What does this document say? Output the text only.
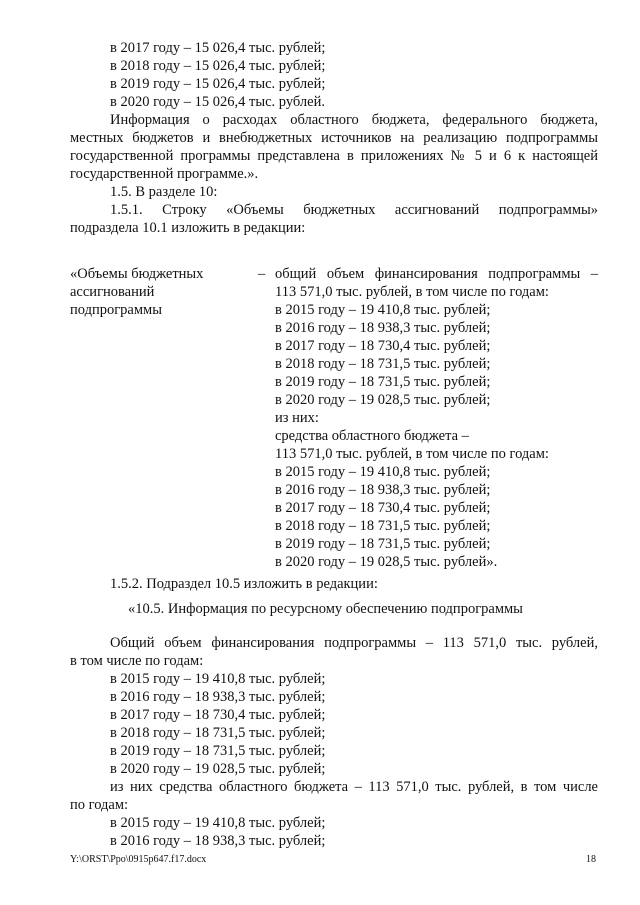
в 2017 году – 15 026,4 тыс. рублей;
в 2018 году – 15 026,4 тыс. рублей;
в 2019 году – 15 026,4 тыс. рублей;
в 2020 году – 15 026,4 тыс. рублей.
Информация о расходах областного бюджета, федерального бюджета,
местных бюджетов и внебюджетных источников на реализацию подпрограммы
государственной программы представлена в приложениях № 5 и 6 к настоящей
государственной программе.».
1.5. В разделе 10:
1.5.1. Строку «Объемы бюджетных ассигнований подпрограммы»
подраздела 10.1 изложить в редакции:
«Объемы бюджетных
ассигнований
подпрограммы
– общий объем финансирования подпрограммы –
113 571,0 тыс. рублей, в том числе по годам:
в 2015 году – 19 410,8 тыс. рублей;
в 2016 году – 18 938,3 тыс. рублей;
в 2017 году – 18 730,4 тыс. рублей;
в 2018 году – 18 731,5 тыс. рублей;
в 2019 году – 18 731,5 тыс. рублей;
в 2020 году – 19 028,5 тыс. рублей;
из них:
средства областного бюджета –
113 571,0 тыс. рублей, в том числе по годам:
в 2015 году – 19 410,8 тыс. рублей;
в 2016 году – 18 938,3 тыс. рублей;
в 2017 году – 18 730,4 тыс. рублей;
в 2018 году – 18 731,5 тыс. рублей;
в 2019 году – 18 731,5 тыс. рублей;
в 2020 году – 19 028,5 тыс. рублей».
1.5.2. Подраздел 10.5 изложить в редакции:
«10.5. Информация по ресурсному обеспечению подпрограммы
Общий объем финансирования подпрограммы – 113 571,0 тыс. рублей,
в том числе по годам:
в 2015 году – 19 410,8 тыс. рублей;
в 2016 году – 18 938,3 тыс. рублей;
в 2017 году – 18 730,4 тыс. рублей;
в 2018 году – 18 731,5 тыс. рублей;
в 2019 году – 18 731,5 тыс. рублей;
в 2020 году – 19 028,5 тыс. рублей;
из них средства областного бюджета – 113 571,0 тыс. рублей, в том числе
по годам:
в 2015 году – 19 410,8 тыс. рублей;
в 2016 году – 18 938,3 тыс. рублей;
Y:\ORST\Ppo\0915p647.f17.docx	18
